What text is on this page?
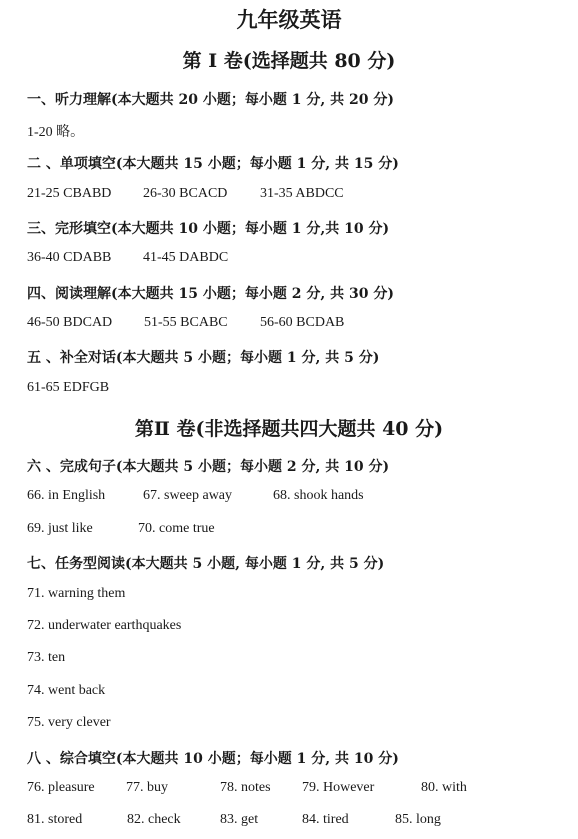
九年级英语
第 I 卷(选择题共 80 分)
一、听力理解(本大题共 20 小题；每小题 1 分, 共 20 分)
1-20 略。
二 、单项填空(本大题共 15 小题；每小题 1 分, 共 15 分)
21-25 CBABD 26-30 BCACD 31-35 ABDCC
三、完形填空(本大题共 10 小题；每小题 1 分,共 10 分)
36-40 CDABB 41-45 DABDC
四、阅读理解(本大题共 15 小题；每小题 2 分, 共 30 分)
46-50 BDCAD 51-55 BCABC 56-60 BCDAB
五 、补全对话(本大题共 5 小题；每小题 1 分, 共 5 分)
61-65 EDFGB
第Ⅱ 卷(非选择题共四大题共 40 分)
六 、完成句子(本大题共 5 小题；每小题 2 分, 共 10 分)
66. in English	67. sweep away	68. shook hands
69. just like	70. come true
七、任务型阅读(本大题共 5 小题, 每小题 1 分, 共 5 分)
71. warning them
72. underwater earthquakes
73. ten
74. went back
75. very clever
八 、综合填空(本大题共 10 小题；每小题 1 分, 共 10 分)
76. pleasure 77. buy	78. notes 79. However	80. with
81. stored	82. check	83. get	84. tired	85. long
